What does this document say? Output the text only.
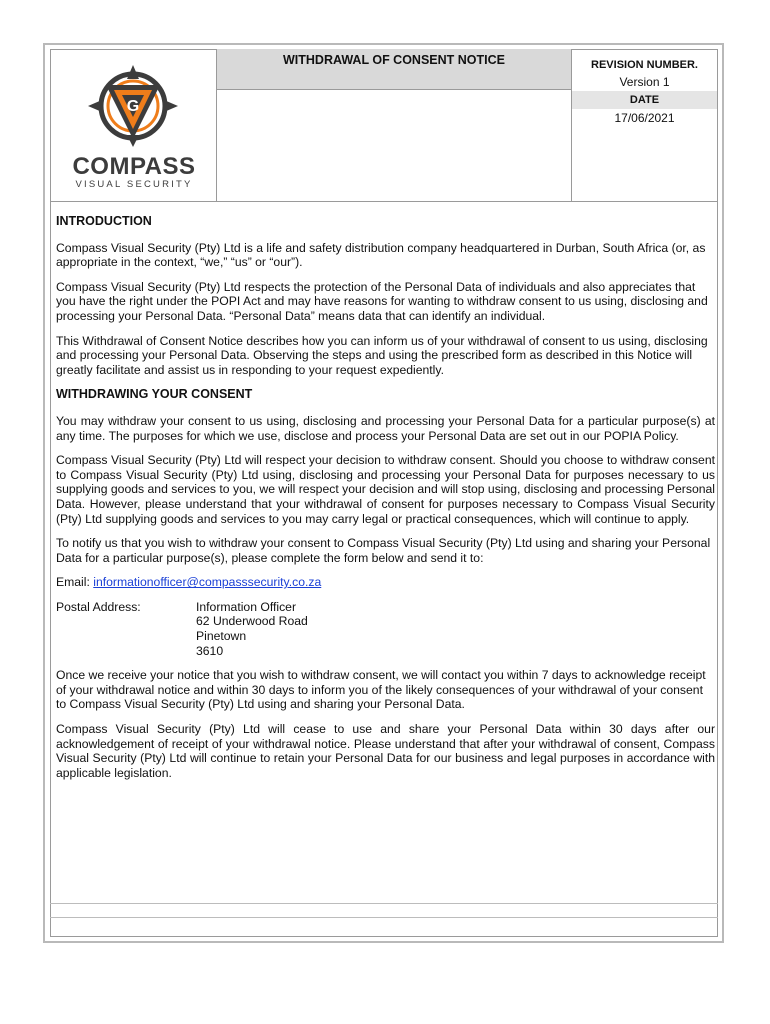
G
COMPASS
VISUAL SECURITY
WITHDRAWAL OF CONSENT NOTICE	REVISION NUMBER.
Version 1
DATE
17/06/2021
INTRODUCTION

Compass Visual Security (Pty) Ltd is a life and safety distribution company headquartered in Durban, South Africa (or, as appropriate in the context, “we,” “us” or “our”).

Compass Visual Security (Pty) Ltd respects the protection of the Personal Data of individuals and also appreciates that you have the right under the POPI Act and may have reasons for wanting to withdraw consent to us using, disclosing and processing your Personal Data. “Personal Data” means data that can identify an individual.

This Withdrawal of Consent Notice describes how you can inform us of your withdrawal of consent to us using, disclosing and processing your Personal Data. Observing the steps and using the prescribed form as described in this Notice will greatly facilitate and assist us in responding to your request expediently.

WITHDRAWING YOUR CONSENT

You may withdraw your consent to us using, disclosing and processing your Personal Data for a particular purpose(s) at any time. The purposes for which we use, disclose and process your Personal Data are set out in our POPIA Policy.

Compass Visual Security (Pty) Ltd will respect your decision to withdraw consent. Should you choose to withdraw consent to Compass Visual Security (Pty) Ltd using, disclosing and processing your Personal Data for purposes necessary to us supplying goods and services to you, we will respect your decision and will stop using, disclosing and processing Personal Data. However, please understand that your withdrawal of consent for purposes necessary to Compass Visual Security (Pty) Ltd supplying goods and services to you may carry legal or practical consequences, which will continue to apply.

To notify us that you wish to withdraw your consent to Compass Visual Security (Pty) Ltd using and sharing your Personal Data for a particular purpose(s), please complete the form below and send it to:

Email: informationofficer@compasssecurity.co.za

Postal Address:	Information Officer
62 Underwood Road
Pinetown
3610

Once we receive your notice that you wish to withdraw consent, we will contact you within 7 days to acknowledge receipt of your withdrawal notice and within 30 days to inform you of the likely consequences of your withdrawal of your consent to Compass Visual Security (Pty) Ltd using and sharing your Personal Data.

Compass Visual Security (Pty) Ltd will cease to use and share your Personal Data within 30 days after our acknowledgement of receipt of your withdrawal notice. Please understand that after your withdrawal of consent, Compass Visual Security (Pty) Ltd will continue to retain your Personal Data for our business and legal purposes in accordance with applicable legislation.
